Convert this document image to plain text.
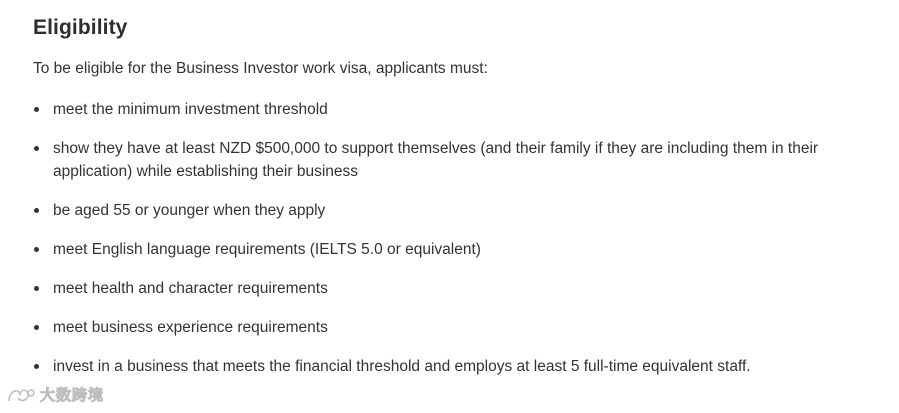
Eligibility

To be eligible for the Business Investor work visa, applicants must:

meet the minimum investment threshold
show they have at least NZD $500,000 to support themselves (and their family if they are including them in their application) while establishing their business
be aged 55 or younger when they apply
meet English language requirements (IELTS 5.0 or equivalent)
meet health and character requirements
meet business experience requirements
invest in a business that meets the financial threshold and employs at least 5 full-time equivalent staff.
大数跨境
